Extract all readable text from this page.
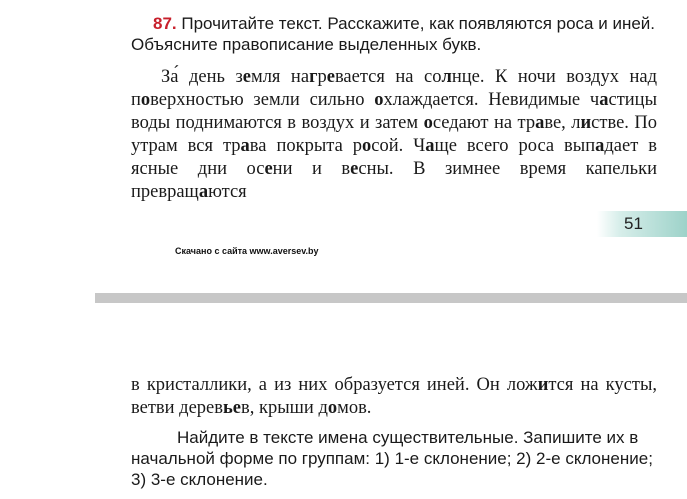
87. Прочитайте текст. Расскажите, как появляются роса и иней. Объясните правописание выделенных букв.

За́ день земля нагревается на солнце. К ночи воздух над поверхностью земли сильно охлаждается. Невидимые частицы воды поднимаются в воздух и затем оседают на траве, листве. По утрам вся трава покрыта росой. Чаще всего роса выпадает в ясные дни осени и весны. В зимнее время капельки превращаются

51
Скачано с сайта www.aversev.by

в кристаллики, а из них образуется иней. Он ложится на кусты, ветви деревьев, крыши домов.

Найдите в тексте имена существительные. Запишите их в начальной форме по группам: 1) 1-е склонение; 2) 2-е склонение; 3) 3-е склонение.
